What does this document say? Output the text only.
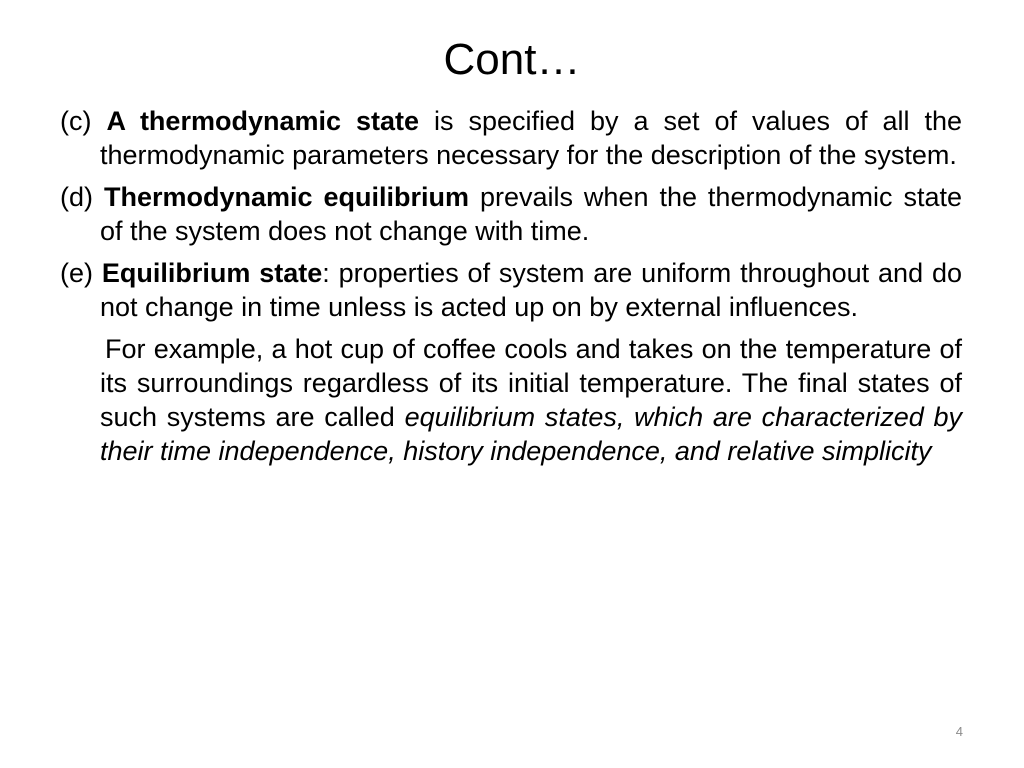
Cont…

(c) A thermodynamic state is specified by a set of values of all the thermodynamic parameters necessary for the description of the system.

(d) Thermodynamic equilibrium prevails when the thermodynamic state of the system does not change with time.

(e) Equilibrium state: properties of system are uniform throughout and do not change in time unless is acted up on by external influences.

For example, a hot cup of coffee cools and takes on the temperature of its surroundings regardless of its initial temperature. The final states of such systems are called equilibrium states, which are characterized by their time independence, history independence, and relative simplicity

4
